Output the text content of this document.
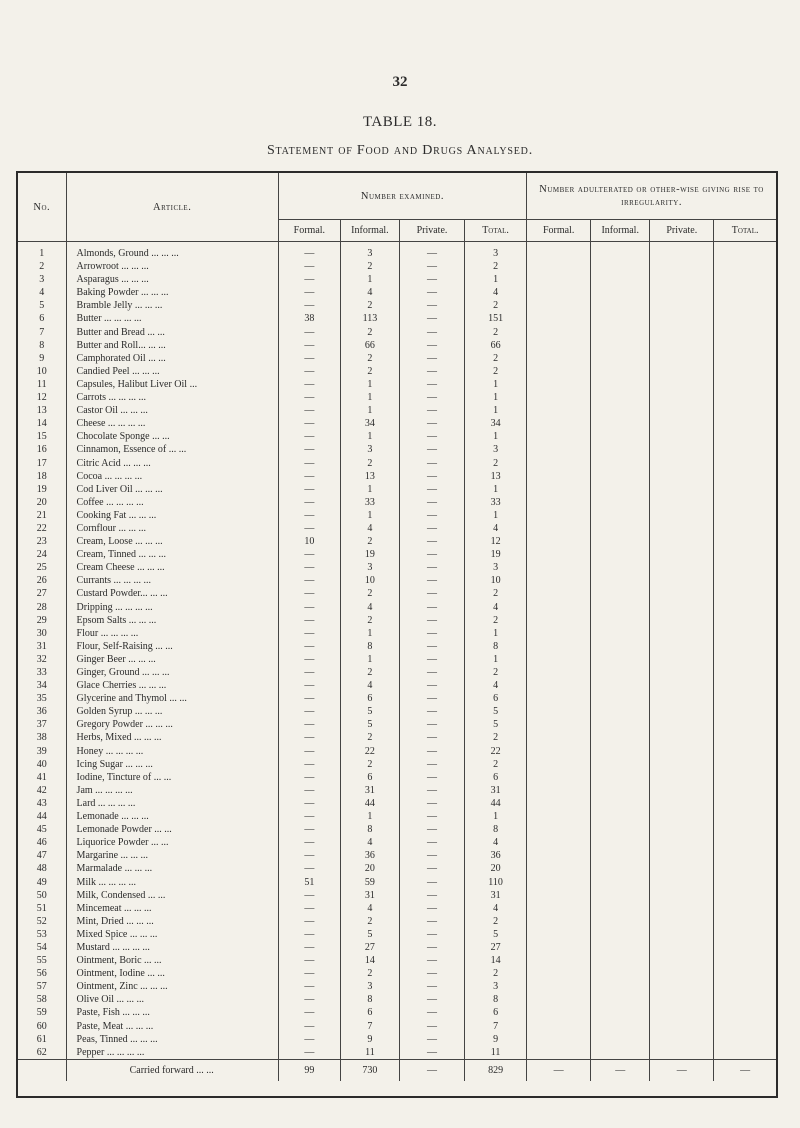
32
TABLE 18.
Statement of Food and Drugs Analysed.
No.	Article.	Number examined.				Number adulterated or other-wise giving rise to irregularity.			
		Formal.	Informal.	Private.	Total.	Formal.	Informal.	Private.	Total.
1	Almonds, Ground ... ... ...	—	3	—	3				
2	Arrowroot ... ... ...	—	2	—	2				
3	Asparagus ... ... ...	—	1	—	1				
4	Baking Powder ... ... ...	—	4	—	4				
5	Bramble Jelly ... ... ...	—	2	—	2				
6	Butter ... ... ... ...	38	113	—	151				
7	Butter and Bread ... ...	—	2	—	2				
8	Butter and Roll... ... ...	—	66	—	66				
9	Camphorated Oil ... ...	—	2	—	2				
10	Candied Peel ... ... ...	—	2	—	2				
11	Capsules, Halibut Liver Oil ...	—	1	—	1				
12	Carrots ... ... ... ...	—	1	—	1				
13	Castor Oil ... ... ...	—	1	—	1				
14	Cheese ... ... ... ...	—	34	—	34				
15	Chocolate Sponge ... ...	—	1	—	1				
16	Cinnamon, Essence of ... ...	—	3	—	3				
17	Citric Acid ... ... ...	—	2	—	2				
18	Cocoa ... ... ... ...	—	13	—	13				
19	Cod Liver Oil ... ... ...	—	1	—	1				
20	Coffee ... ... ... ...	—	33	—	33				
21	Cooking Fat ... ... ...	—	1	—	1				
22	Cornflour ... ... ...	—	4	—	4				
23	Cream, Loose ... ... ...	10	2	—	12				
24	Cream, Tinned ... ... ...	—	19	—	19				
25	Cream Cheese ... ... ...	—	3	—	3				
26	Currants ... ... ... ...	—	10	—	10				
27	Custard Powder... ... ...	—	2	—	2				
28	Dripping ... ... ... ...	—	4	—	4				
29	Epsom Salts ... ... ...	—	2	—	2				
30	Flour ... ... ... ...	—	1	—	1				
31	Flour, Self-Raising ... ...	—	8	—	8				
32	Ginger Beer ... ... ...	—	1	—	1				
33	Ginger, Ground ... ... ...	—	2	—	2				
34	Glace Cherries ... ... ...	—	4	—	4				
35	Glycerine and Thymol ... ...	—	6	—	6				
36	Golden Syrup ... ... ...	—	5	—	5				
37	Gregory Powder ... ... ...	—	5	—	5				
38	Herbs, Mixed ... ... ...	—	2	—	2				
39	Honey ... ... ... ...	—	22	—	22				
40	Icing Sugar ... ... ...	—	2	—	2				
41	Iodine, Tincture of ... ...	—	6	—	6				
42	Jam ... ... ... ...	—	31	—	31				
43	Lard ... ... ... ...	—	44	—	44				
44	Lemonade ... ... ...	—	1	—	1				
45	Lemonade Powder ... ...	—	8	—	8				
46	Liquorice Powder ... ...	—	4	—	4				
47	Margarine ... ... ...	—	36	—	36				
48	Marmalade ... ... ...	—	20	—	20				
49	Milk ... ... ... ...	51	59	—	110				
50	Milk, Condensed ... ...	—	31	—	31				
51	Mincemeat ... ... ...	—	4	—	4				
52	Mint, Dried ... ... ...	—	2	—	2				
53	Mixed Spice ... ... ...	—	5	—	5				
54	Mustard ... ... ... ...	—	27	—	27				
55	Ointment, Boric ... ...	—	14	—	14				
56	Ointment, Iodine ... ...	—	2	—	2				
57	Ointment, Zinc ... ... ...	—	3	—	3				
58	Olive Oil ... ... ...	—	8	—	8				
59	Paste, Fish ... ... ...	—	6	—	6				
60	Paste, Meat ... ... ...	—	7	—	7				
61	Peas, Tinned ... ... ...	—	9	—	9				
62	Pepper ... ... ... ...	—	11	—	11				
	Carried forward ... ...	99	730	—	829	—	—	—	—
